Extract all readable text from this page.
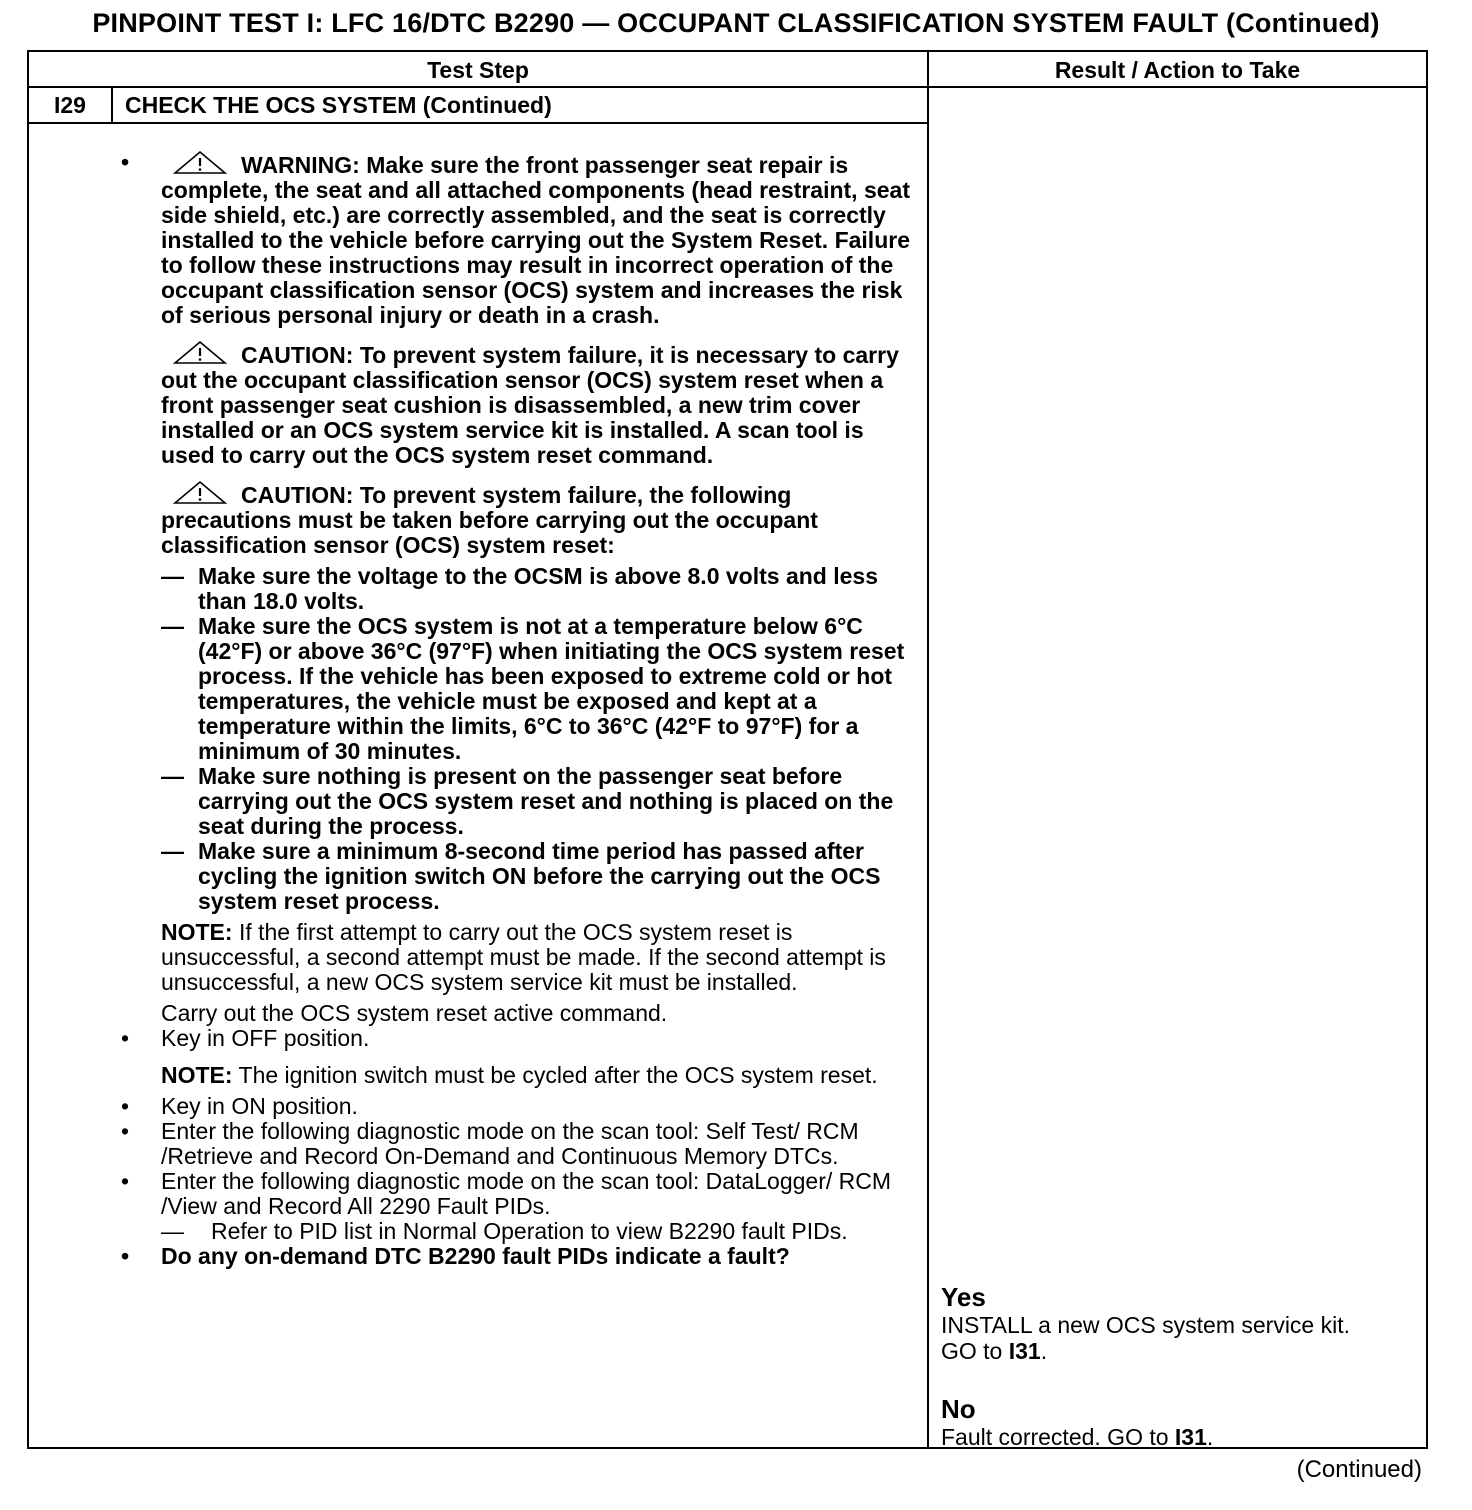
PINPOINT TEST I: LFC 16/DTC B2290 — OCCUPANT CLASSIFICATION SYSTEM FAULT (Continued)
Test Step	Result / Action to Take
I29	CHECK THE OCS SYSTEM (Continued)
•	WARNING: Make sure the front passenger seat repair is complete, the seat and all attached components (head restraint, seat side shield, etc.) are correctly assembled, and the seat is correctly installed to the vehicle before carrying out the System Reset. Failure to follow these instructions may result in incorrect operation of the occupant classification sensor (OCS) system and increases the risk of serious personal injury or death in a crash.
CAUTION: To prevent system failure, it is necessary to carry out the occupant classification sensor (OCS) system reset when a front passenger seat cushion is disassembled, a new trim cover installed or an OCS system service kit is installed. A scan tool is used to carry out the OCS system reset command.
CAUTION: To prevent system failure, the following precautions must be taken before carrying out the occupant classification sensor (OCS) system reset:
— Make sure the voltage to the OCSM is above 8.0 volts and less than 18.0 volts.
— Make sure the OCS system is not at a temperature below 6°C (42°F) or above 36°C (97°F) when initiating the OCS system reset process. If the vehicle has been exposed to extreme cold or hot temperatures, the vehicle must be exposed and kept at a temperature within the limits, 6°C to 36°C (42°F to 97°F) for a minimum of 30 minutes.
— Make sure nothing is present on the passenger seat before carrying out the OCS system reset and nothing is placed on the seat during the process.
— Make sure a minimum 8-second time period has passed after cycling the ignition switch ON before the carrying out the OCS system reset process.
NOTE: If the first attempt to carry out the OCS system reset is unsuccessful, a second attempt must be made. If the second attempt is unsuccessful, a new OCS system service kit must be installed.
Carry out the OCS system reset active command.
• Key in OFF position.
NOTE: The ignition switch must be cycled after the OCS system reset.
• Key in ON position.
• Enter the following diagnostic mode on the scan tool: Self Test/ RCM /Retrieve and Record On-Demand and Continuous Memory DTCs.
• Enter the following diagnostic mode on the scan tool: DataLogger/ RCM /View and Record All 2290 Fault PIDs.
— Refer to PID list in Normal Operation to view B2290 fault PIDs.
• Do any on-demand DTC B2290 fault PIDs indicate a fault?
Yes
INSTALL a new OCS system service kit.
GO to I31.
No
Fault corrected. GO to I31.
(Continued)
